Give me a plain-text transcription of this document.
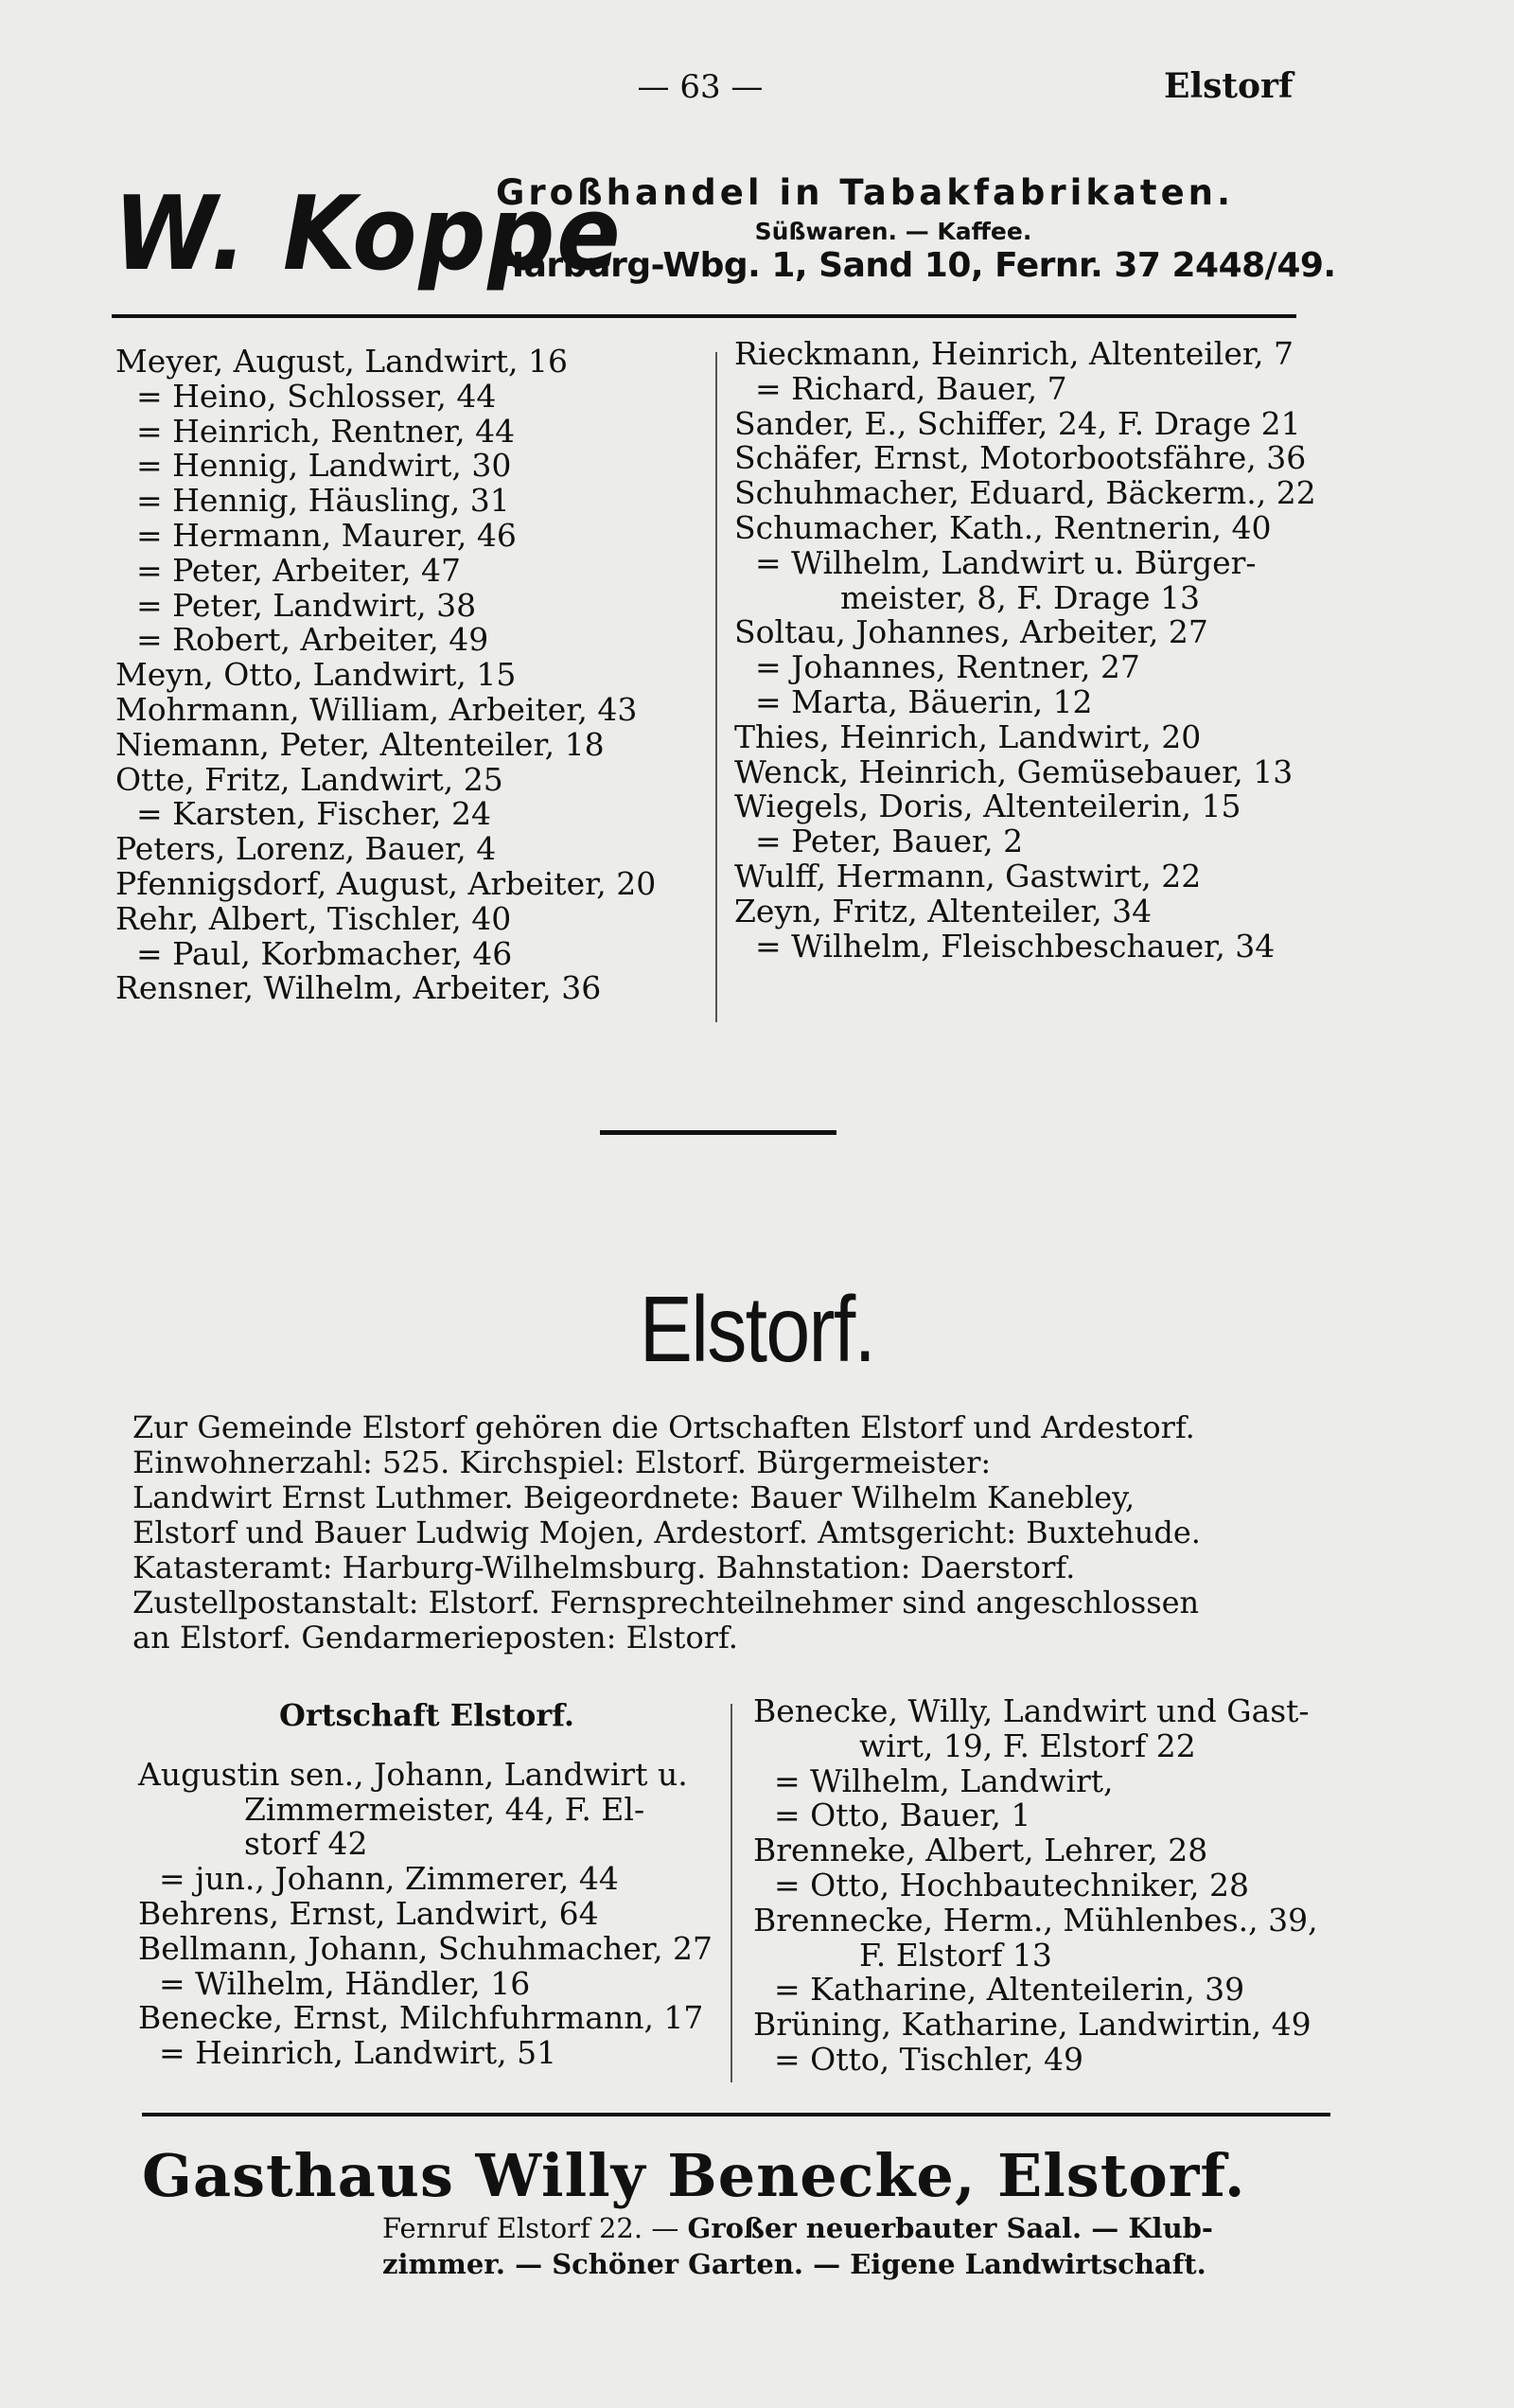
— 63 —	Elstorf
W. Koppe
Großhandel in Tabakfabrikaten.
Süßwaren. — Kaffee.
Harburg-Wbg. 1, Sand 10, Fernr. 37 2448/49.
Meyer, August, Landwirt, 16
= Heino, Schlosser, 44
= Heinrich, Rentner, 44
= Hennig, Landwirt, 30
= Hennig, Häusling, 31
= Hermann, Maurer, 46
= Peter, Arbeiter, 47
= Peter, Landwirt, 38
= Robert, Arbeiter, 49
Meyn, Otto, Landwirt, 15
Mohrmann, William, Arbeiter, 43
Niemann, Peter, Altenteiler, 18
Otte, Fritz, Landwirt, 25
= Karsten, Fischer, 24
Peters, Lorenz, Bauer, 4
Pfennigsdorf, August, Arbeiter, 20
Rehr, Albert, Tischler, 40
= Paul, Korbmacher, 46
Rensner, Wilhelm, Arbeiter, 36
Rieckmann, Heinrich, Altenteiler, 7
= Richard, Bauer, 7
Sander, E., Schiffer, 24, F. Drage 21
Schäfer, Ernst, Motorbootsfähre, 36
Schuhmacher, Eduard, Bäckerm., 22
Schumacher, Kath., Rentnerin, 40
= Wilhelm, Landwirt u. Bürger-
meister, 8, F. Drage 13
Soltau, Johannes, Arbeiter, 27
= Johannes, Rentner, 27
= Marta, Bäuerin, 12
Thies, Heinrich, Landwirt, 20
Wenck, Heinrich, Gemüsebauer, 13
Wiegels, Doris, Altenteilerin, 15
= Peter, Bauer, 2
Wulff, Hermann, Gastwirt, 22
Zeyn, Fritz, Altenteiler, 34
= Wilhelm, Fleischbeschauer, 34
Elstorf.

Zur Gemeinde Elstorf gehören die Ortschaften Elstorf und Ardestorf.

Einwohnerzahl: 525. Kirchspiel: Elstorf. Bürgermeister:

Landwirt Ernst Luthmer. Beigeordnete: Bauer Wilhelm Kanebley,

Elstorf und Bauer Ludwig Mojen, Ardestorf. Amtsgericht: Buxtehude.

Katasteramt: Harburg-Wilhelmsburg. Bahnstation: Daerstorf.

Zustellpostanstalt: Elstorf. Fernsprechteilnehmer sind angeschlossen

an Elstorf. Gendarmerieposten: Elstorf.

Ortschaft Elstorf.
Augustin sen., Johann, Landwirt u.
Zimmermeister, 44, F. El-
storf 42
= jun., Johann, Zimmerer, 44
Behrens, Ernst, Landwirt, 64
Bellmann, Johann, Schuhmacher, 27
= Wilhelm, Händler, 16
Benecke, Ernst, Milchfuhrmann, 17
= Heinrich, Landwirt, 51
Benecke, Willy, Landwirt und Gast-
wirt, 19, F. Elstorf 22
= Wilhelm, Landwirt,
= Otto, Bauer, 1
Brenneke, Albert, Lehrer, 28
= Otto, Hochbautechniker, 28
Brennecke, Herm., Mühlenbes., 39,
F. Elstorf 13
= Katharine, Altenteilerin, 39
Brüning, Katharine, Landwirtin, 49
= Otto, Tischler, 49
Gasthaus Willy Benecke, Elstorf.
Fernruf Elstorf 22. — Großer neuerbauter Saal. — Klub-
zimmer. — Schöner Garten. — Eigene Landwirtschaft.
